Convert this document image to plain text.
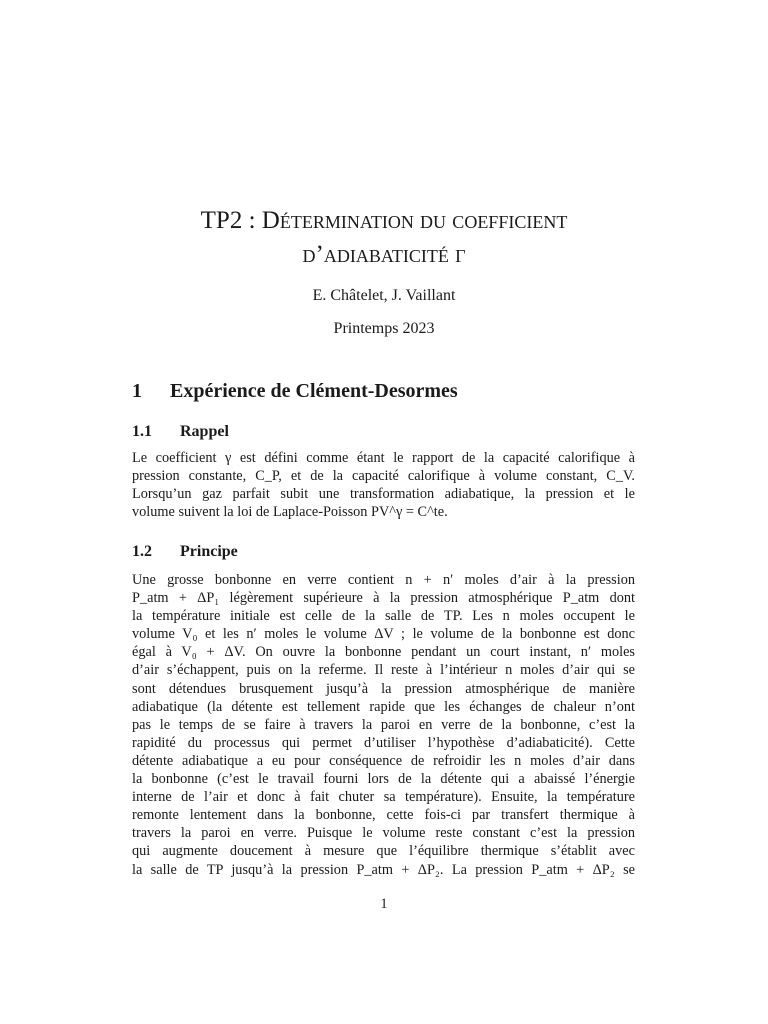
TP2 : Détermination du coefficient
d’adiabaticité γ
E. Châtelet, J. Vaillant
Printemps 2023
1 Expérience de Clément-Desormes
1.1 Rappel
Le coefficient γ est défini comme étant le rapport de la capacité calorifique à
pression constante, C_P, et de la capacité calorifique à volume constant, C_V.
Lorsqu’un gaz parfait subit une transformation adiabatique, la pression et le
volume suivent la loi de Laplace-Poisson PV^γ = C^te.
1.2 Principe
Une grosse bonbonne en verre contient n + n′ moles d’air à la pression
P_atm + ΔP₁ légèrement supérieure à la pression atmosphérique P_atm dont
la température initiale est celle de la salle de TP. Les n moles occupent le
volume V₀ et les n′ moles le volume ΔV ; le volume de la bonbonne est donc
égal à V₀ + ΔV. On ouvre la bonbonne pendant un court instant, n′ moles
d’air s’échappent, puis on la referme. Il reste à l’intérieur n moles d’air qui se
sont détendues brusquement jusqu’à la pression atmosphérique de manière
adiabatique (la détente est tellement rapide que les échanges de chaleur n’ont
pas le temps de se faire à travers la paroi en verre de la bonbonne, c’est la
rapidité du processus qui permet d’utiliser l’hypothèse d’adiabaticité). Cette
détente adiabatique a eu pour conséquence de refroidir les n moles d’air dans
la bonbonne (c’est le travail fourni lors de la détente qui a abaissé l’énergie
interne de l’air et donc à fait chuter sa température). Ensuite, la température
remonte lentement dans la bonbonne, cette fois-ci par transfert thermique à
travers la paroi en verre. Puisque le volume reste constant c’est la pression
qui augmente doucement à mesure que l’équilibre thermique s’établit avec
la salle de TP jusqu’à la pression P_atm + ΔP₂. La pression P_atm + ΔP₂ se
1
